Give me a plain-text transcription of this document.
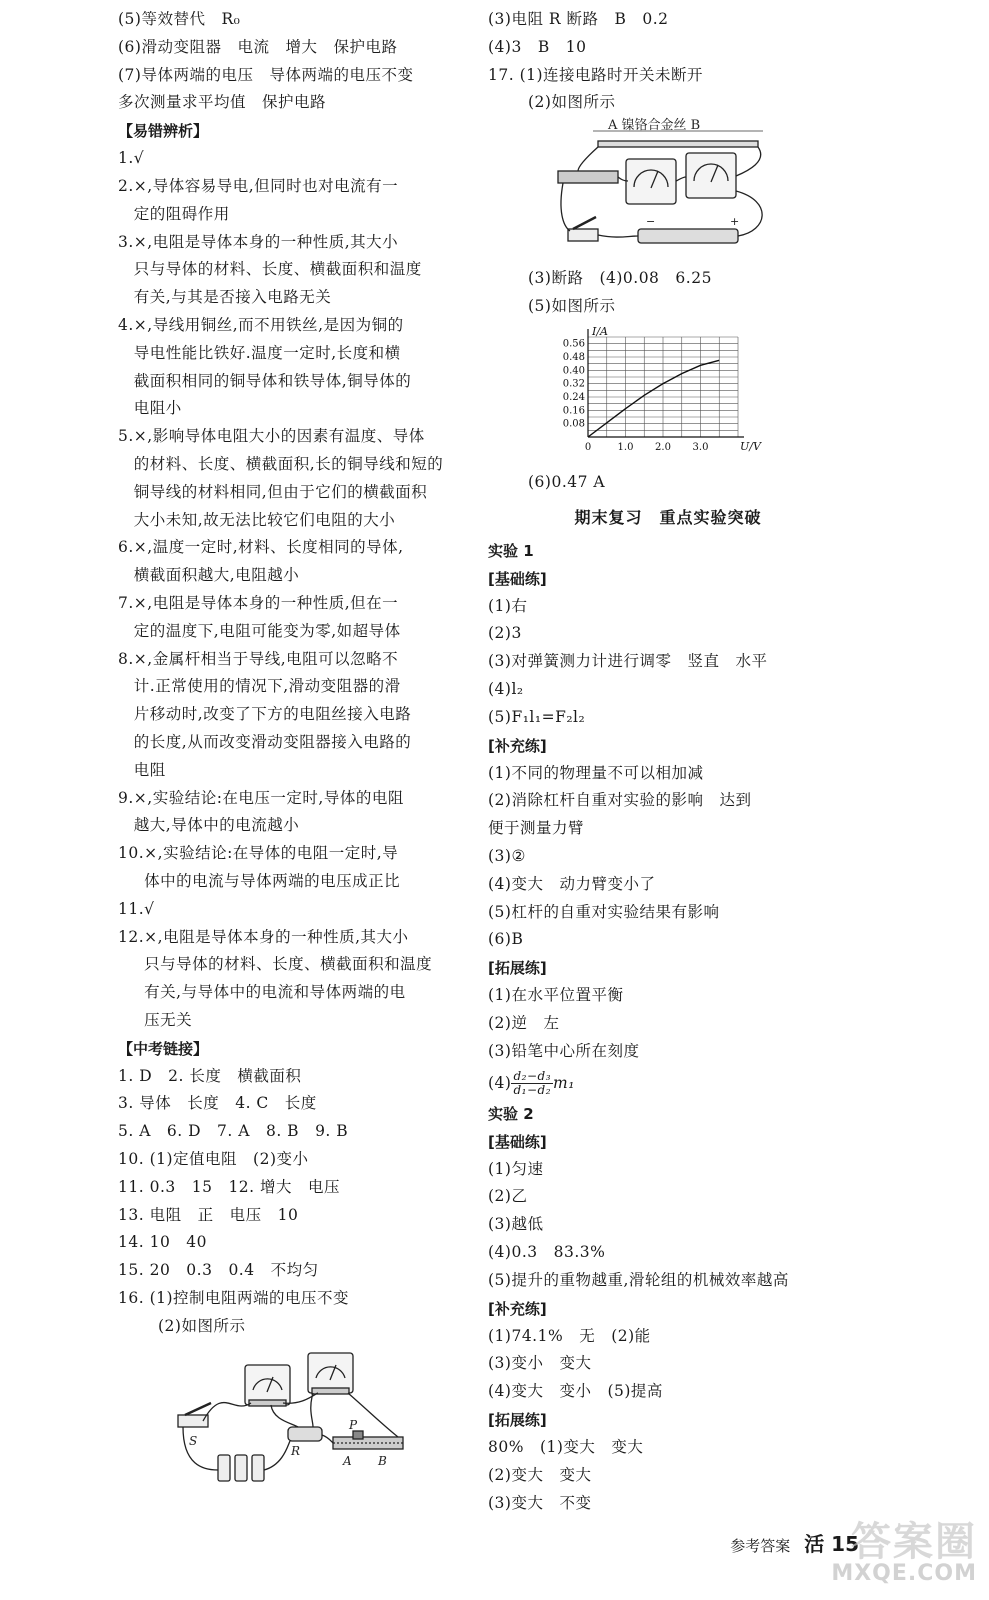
(5)等效替代　R₀
(6)滑动变阻器　电流　增大　保护电路
(7)导体两端的电压　导体两端的电压不变
多次测量求平均值　保护电路
【易错辨析】
1. √
2. ×,导体容易导电,但同时也对电流有一
定的阻碍作用
3. ×,电阻是导体本身的一种性质,其大小
只与导体的材料、长度、横截面积和温度
有关,与其是否接入电路无关
4. ×,导线用铜丝,而不用铁丝,是因为铜的
导电性能比铁好.温度一定时,长度和横
截面积相同的铜导体和铁导体,铜导体的
电阻小
5. ×,影响导体电阻大小的因素有温度、导体
的材料、长度、横截面积,长的铜导线和短的
铜导线的材料相同,但由于它们的横截面积
大小未知,故无法比较它们电阻的大小
6. ×,温度一定时,材料、长度相同的导体,
横截面积越大,电阻越小
7. ×,电阻是导体本身的一种性质,但在一
定的温度下,电阻可能变为零,如超导体
8. ×,金属杆相当于导线,电阻可以忽略不
计.正常使用的情况下,滑动变阻器的滑
片移动时,改变了下方的电阻丝接入电路
的长度,从而改变滑动变阻器接入电路的
电阻
9. ×,实验结论:在电压一定时,导体的电阻
越大,导体中的电流越小
10. ×,实验结论:在导体的电阻一定时,导
体中的电流与导体两端的电压成正比
11. √
12. ×,电阻是导体本身的一种性质,其大小
只与导体的材料、长度、横截面积和温度
有关,与导体中的电流和导体两端的电
压无关
【中考链接】
1. D　2. 长度　横截面积
3. 导体　长度　4. C　长度
5. A　6. D　7. A　8. B　9. B
10. (1)定值电阻　(2)变小
11. 0.3　15　12. 增大　电压
13. 电阻　正　电压　10
14. 10　40
15. 20　0.3　0.4　不均匀
16. (1)控制电阻两端的电压不变
(2)如图所示
S
R
P
A B
(3)电阻 R 断路　B　0.2
(4)3　B　10
17. (1)连接电路时开关未断开
(2)如图所示
A 镍铬合金丝 B
−	+
(3)断路　(4)0.08　6.25
(5)如图所示
0.08
0.16
0.24
0.32
0.40
0.48
0.56
0	1.0 2.0 3.0
I/A
U/V
(6)0.47 A
期末复习　重点实验突破
实验 1
[基础练]
(1)右
(2)3
(3)对弹簧测力计进行调零　竖直　水平
(4)l₂
(5)F₁l₁=F₂l₂
[补充练]
(1)不同的物理量不可以相加减
(2)消除杠杆自重对实验的影响　达到
便于测量力臂
(3)②
(4)变大　动力臂变小了
(5)杠杆的自重对实验结果有影响
(6)B
[拓展练]
(1)在水平位置平衡
(2)逆　左
(3)铅笔中心所在刻度
$(4) \frac{\text{d₂−d₃}}{\text{d₁−d₂}} m_1$
实验 2
[基础练]
(1)匀速
(2)乙
(3)越低
(4)0.3　83.3%
(5)提升的重物越重,滑轮组的机械效率越高
[补充练]
(1)74.1%　无　(2)能
(3)变小　变大
(4)变大　变小　(5)提高
[拓展练]
80%　(1)变大　变大
(2)变大　变大
(3)变大　不变
参考答案 活 15
答案圈
MXQE.COM
